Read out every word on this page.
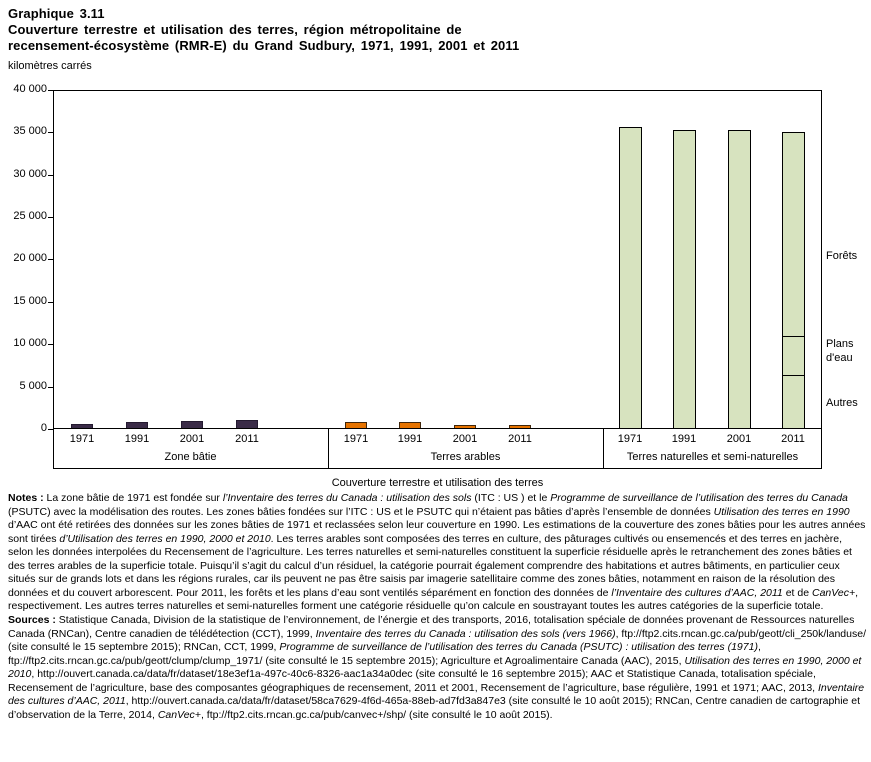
Graphique 3.11
Couverture terrestre et utilisation des terres, région métropolitaine de
recensement-écosystème (RMR-E) du Grand Sudbury, 1971, 1991, 2001 et 2011
kilomètres carrés
Couverture terrestre et utilisation des terres
40 000
35 000
30 000
25 000
20 000
15 000
10 000
5 000
0
1971	1991	2001	2011
Zone bâtie
1971	1991	2001	2011
Terres arables
1971	1991	2001	2011
Terres naturelles et semi-naturelles
Forêts
Plans d'eau
Autres
Notes : La zone bâtie de 1971 est fondée sur l’Inventaire des terres du Canada : utilisation des sols (ITC : US ) et le Programme de surveillance de l’utilisation des terres du Canada (PSUTC) avec la modélisation des routes. Les zones bâties fondées sur l’ITC : US et le PSUTC qui n’étaient pas bâties d’après l’ensemble de données Utilisation des terres en 1990 d’AAC ont été retirées des données sur les zones bâties de 1971 et reclassées selon leur couverture en 1990. Les estimations de la couverture des zones bâties pour les autres années sont tirées d’Utilisation des terres en 1990, 2000 et 2010. Les terres arables sont composées des terres en culture, des pâturages cultivés ou ensemencés et des terres en jachère, selon les données interpolées du Recensement de l’agriculture. Les terres naturelles et semi-naturelles constituent la superficie résiduelle après le retranchement des zones bâties et des terres arables de la superficie totale. Puisqu’il s’agit du calcul d’un résiduel, la catégorie pourrait également comprendre des habitations et autres bâtiments, en particulier ceux situés sur de grands lots et dans les régions rurales, car ils peuvent ne pas être saisis par imagerie satellitaire comme des zones bâties, notamment en raison de la résolution des données et du couvert arborescent. Pour 2011, les forêts et les plans d’eau sont ventilés séparément en fonction des données de l’Inventaire des cultures d’AAC, 2011 et de CanVec+, respectivement. Les autres terres naturelles et semi-naturelles forment une catégorie résiduelle qu’on calcule en soustrayant toutes les autres catégories de la superficie totale.
Sources : Statistique Canada, Division de la statistique de l’environnement, de l’énergie et des transports, 2016, totalisation spéciale de données provenant de Ressources naturelles Canada (RNCan), Centre canadien de télédétection (CCT), 1999, Inventaire des terres du Canada : utilisation des sols (vers 1966), ftp://ftp2.cits.rncan.gc.ca/pub/geott/cli_250k/landuse/ (site consulté le 15 septembre 2015); RNCan, CCT, 1999, Programme de surveillance de l’utilisation des terres du Canada (PSUTC) : utilisation des terres (1971), ftp://ftp2.cits.rncan.gc.ca/pub/geott/clump/clump_1971/ (site consulté le 15 septembre 2015); Agriculture et Agroalimentaire Canada (AAC), 2015, Utilisation des terres en 1990, 2000 et 2010, http://ouvert.canada.ca/data/fr/dataset/18e3ef1a-497c-40c6-8326-aac1a34a0dec (site consulté le 16 septembre 2015); AAC et Statistique Canada, totalisation spéciale, Recensement de l’agriculture, base des composantes géographiques de recensement, 2011 et 2001, Recensement de l’agriculture, base régulière, 1991 et 1971; AAC, 2013, Inventaire des cultures d’AAC, 2011, http://ouvert.canada.ca/data/fr/dataset/58ca7629-4f6d-465a-88eb-ad7fd3a847e3 (site consulté le 10 août 2015); RNCan, Centre canadien de cartographie et d’observation de la Terre, 2014, CanVec+, ftp://ftp2.cits.rncan.gc.ca/pub/canvec+/shp/ (site consulté le 10 août 2015).
